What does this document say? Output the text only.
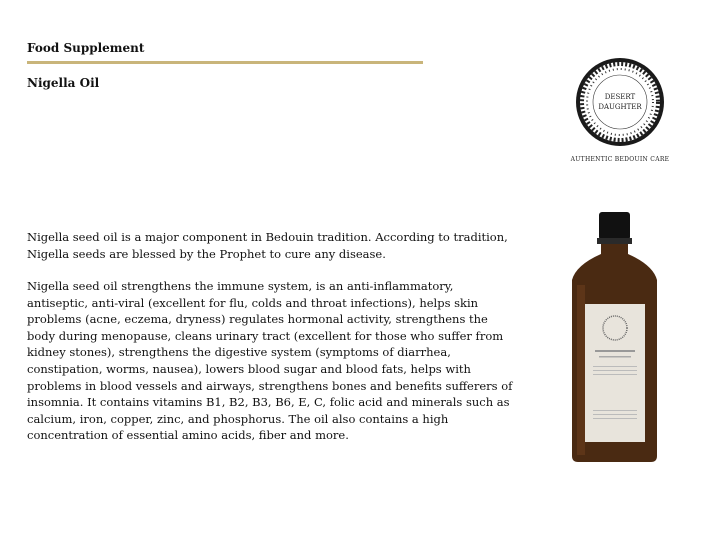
Food Supplement
Nigella Oil

Nigella seed oil is a major component in Bedouin tradition. According to tradition, Nigella seeds are blessed by the Prophet to cure any disease.

Nigella seed oil strengthens the immune system, is an anti-inflammatory, antiseptic, anti-viral (excellent for flu, colds and throat infections), helps skin problems (acne, eczema, dryness) regulates hormonal activity, strengthens the body during menopause, cleans urinary tract (excellent for those who suffer from kidney stones), strengthens the digestive system (symptoms of diarrhea, constipation, worms, nausea), lowers blood sugar and blood fats, helps with problems in blood vessels and airways, strengthens bones and benefits sufferers of insomnia. It contains vitamins B1, B2, B3, B6, E, C, folic acid and minerals such as calcium, iron, copper, zinc, and phosphorus. The oil also contains a high concentration of essential amino acids, fiber and more.

DESERT
DAUGHTER
AUTHENTIC BEDOUIN CARE
